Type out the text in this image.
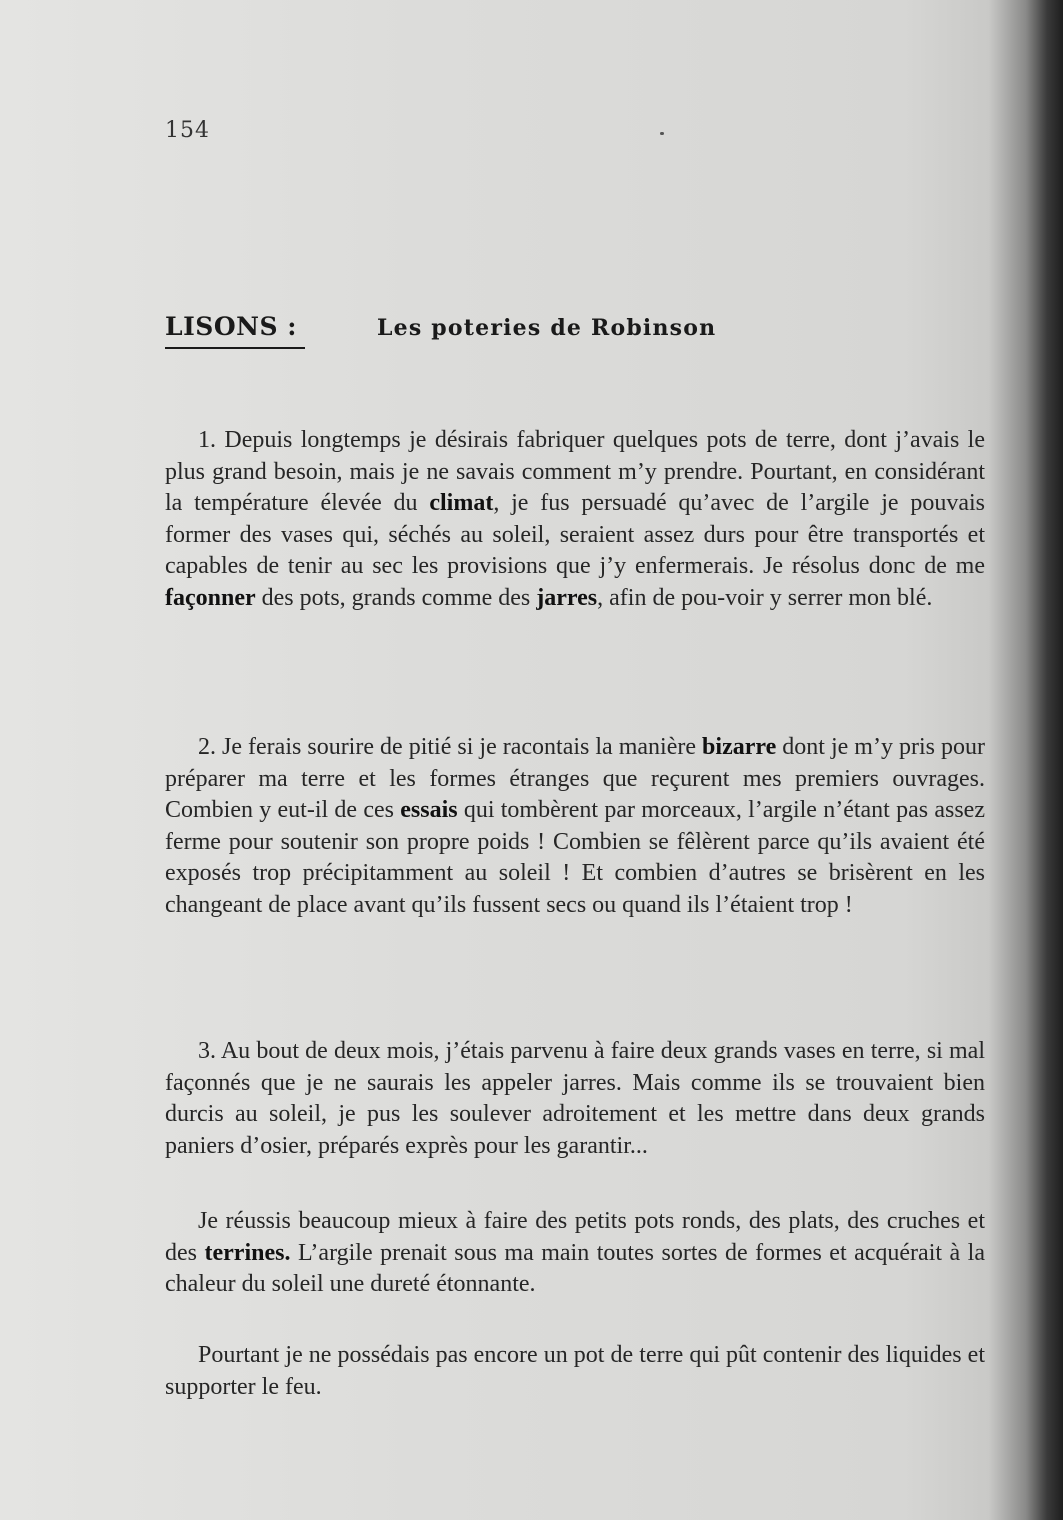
154
LISONS :	Les poteries de Robinson

1. Depuis longtemps je désirais fabriquer quelques pots de terre, dont j’avais le plus grand besoin, mais je ne savais comment m’y prendre. Pourtant, en considérant la température élevée du climat, je fus persuadé qu’avec de l’argile je pouvais former des vases qui, séchés au soleil, seraient assez durs pour être transportés et capables de tenir au sec les provisions que j’y enfermerais. Je résolus donc de me façonner des pots, grands comme des jarres, afin de pou-voir y serrer mon blé.

2. Je ferais sourire de pitié si je racontais la manière bizarre dont je m’y pris pour préparer ma terre et les formes étranges que reçurent mes premiers ouvrages. Combien y eut-il de ces essais qui tombèrent par morceaux, l’argile n’étant pas assez ferme pour soutenir son propre poids ! Combien se fêlèrent parce qu’ils avaient été exposés trop précipitamment au soleil ! Et combien d’autres se brisèrent en les changeant de place avant qu’ils fussent secs ou quand ils l’étaient trop !

3. Au bout de deux mois, j’étais parvenu à faire deux grands vases en terre, si mal façonnés que je ne saurais les appeler jarres. Mais comme ils se trouvaient bien durcis au soleil, je pus les soulever adroitement et les mettre dans deux grands paniers d’osier, préparés exprès pour les garantir...

Je réussis beaucoup mieux à faire des petits pots ronds, des plats, des cruches et des terrines. L’argile prenait sous ma main toutes sortes de formes et acquérait à la chaleur du soleil une dureté étonnante.

Pourtant je ne possédais pas encore un pot de terre qui pût contenir des liquides et supporter le feu.
